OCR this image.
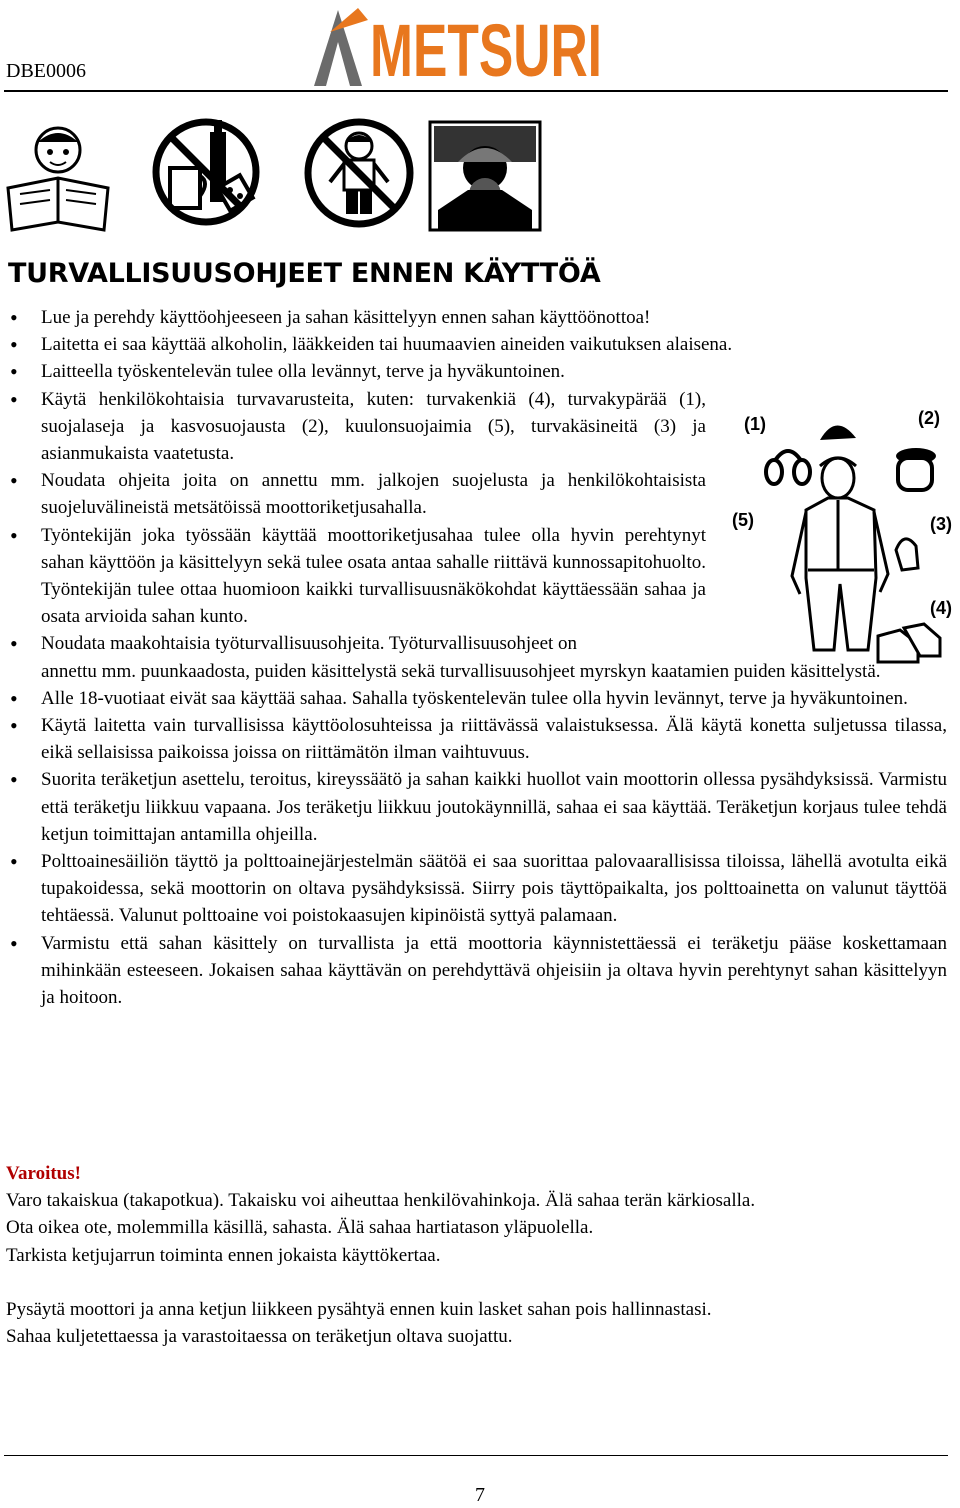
DBE0006	METSURI
TURVALLISUUSOHJEET ENNEN KÄYTTÖÄ
(1)	(2)
(3)
(4)
(5)
• Lue ja perehdy käyttöohjeeseen ja sahan käsittelyyn ennen sahan käyttöönottoa!
• Laitetta ei saa käyttää alkoholin, lääkkeiden tai huumaavien aineiden vaikutuksen alaisena.
• Laitteella työskentelevän tulee olla levännyt, terve ja hyväkuntoinen.
• Käytä henkilökohtaisia turvavarusteita, kuten: turvakenkiä (4), turvakypärää (1), suojalaseja ja kasvosuojausta (2), kuulonsuojaimia (5), turvakäsineitä (3) ja asianmukaista vaatetusta.
• Noudata ohjeita joita on annettu mm. jalkojen suojelusta ja henkilökohtaisista suojeluvälineistä metsätöissä moottoriketjusahalla.
• Työntekijän joka työssään käyttää moottoriketjusahaa tulee olla hyvin perehtynyt sahan käyttöön ja käsittelyyn sekä tulee osata antaa sahalle riittävä kunnossapitohuolto. Työntekijän tulee ottaa huomioon kaikki turvallisuusnäkökohdat käyttäessään sahaa ja osata arvioida sahan kunto.
• Noudata maakohtaisia työturvallisuusohjeita. Työturvallisuusohjeet on
annettu mm. puunkaadosta, puiden käsittelystä sekä turvallisuusohjeet myrskyn kaatamien puiden käsittelystä.
• Alle 18-vuotiaat eivät saa käyttää sahaa. Sahalla työskentelevän tulee olla hyvin levännyt, terve ja hyväkuntoinen.
• Käytä laitetta vain turvallisissa käyttöolosuhteissa ja riittävässä valaistuksessa. Älä käytä konetta suljetussa tilassa, eikä sellaisissa paikoissa joissa on riittämätön ilman vaihtuvuus.
• Suorita teräketjun asettelu, teroitus, kireyssäätö ja sahan kaikki huollot vain moottorin ollessa pysähdyksissä. Varmistu että teräketju liikkuu vapaana. Jos teräketju liikkuu joutokäynnillä, sahaa ei saa käyttää. Teräketjun korjaus tulee tehdä ketjun toimittajan antamilla ohjeilla.
• Polttoainesäiliön täyttö ja polttoainejärjestelmän säätöä ei saa suorittaa palovaarallisissa tiloissa, lähellä avotulta eikä tupakoidessa, sekä moottorin on oltava pysähdyksissä. Siirry pois täyttöpaikalta, jos polttoainetta on valunut täyttöä tehtäessä. Valunut polttoaine voi poistokaasujen kipinöistä syttyä palamaan.
• Varmistu että sahan käsittely on turvallista ja että moottoria käynnistettäessä ei teräketju pääse koskettamaan mihinkään esteeseen. Jokaisen sahaa käyttävän on perehdyttävä ohjeisiin ja oltava hyvin perehtynyt sahan käsittelyyn ja hoitoon.

Varoitus!

Varo takaiskua (takapotkua). Takaisku voi aiheuttaa henkilövahinkoja. Älä sahaa terän kärkiosalla.

Ota oikea ote, molemmilla käsillä, sahasta. Älä sahaa hartiatason yläpuolella.

Tarkista ketjujarrun toiminta ennen jokaista käyttökertaa.

Pysäytä moottori ja anna ketjun liikkeen pysähtyä ennen kuin lasket sahan pois hallinnastasi.

Sahaa kuljetettaessa ja varastoitaessa on teräketjun oltava suojattu.

7
